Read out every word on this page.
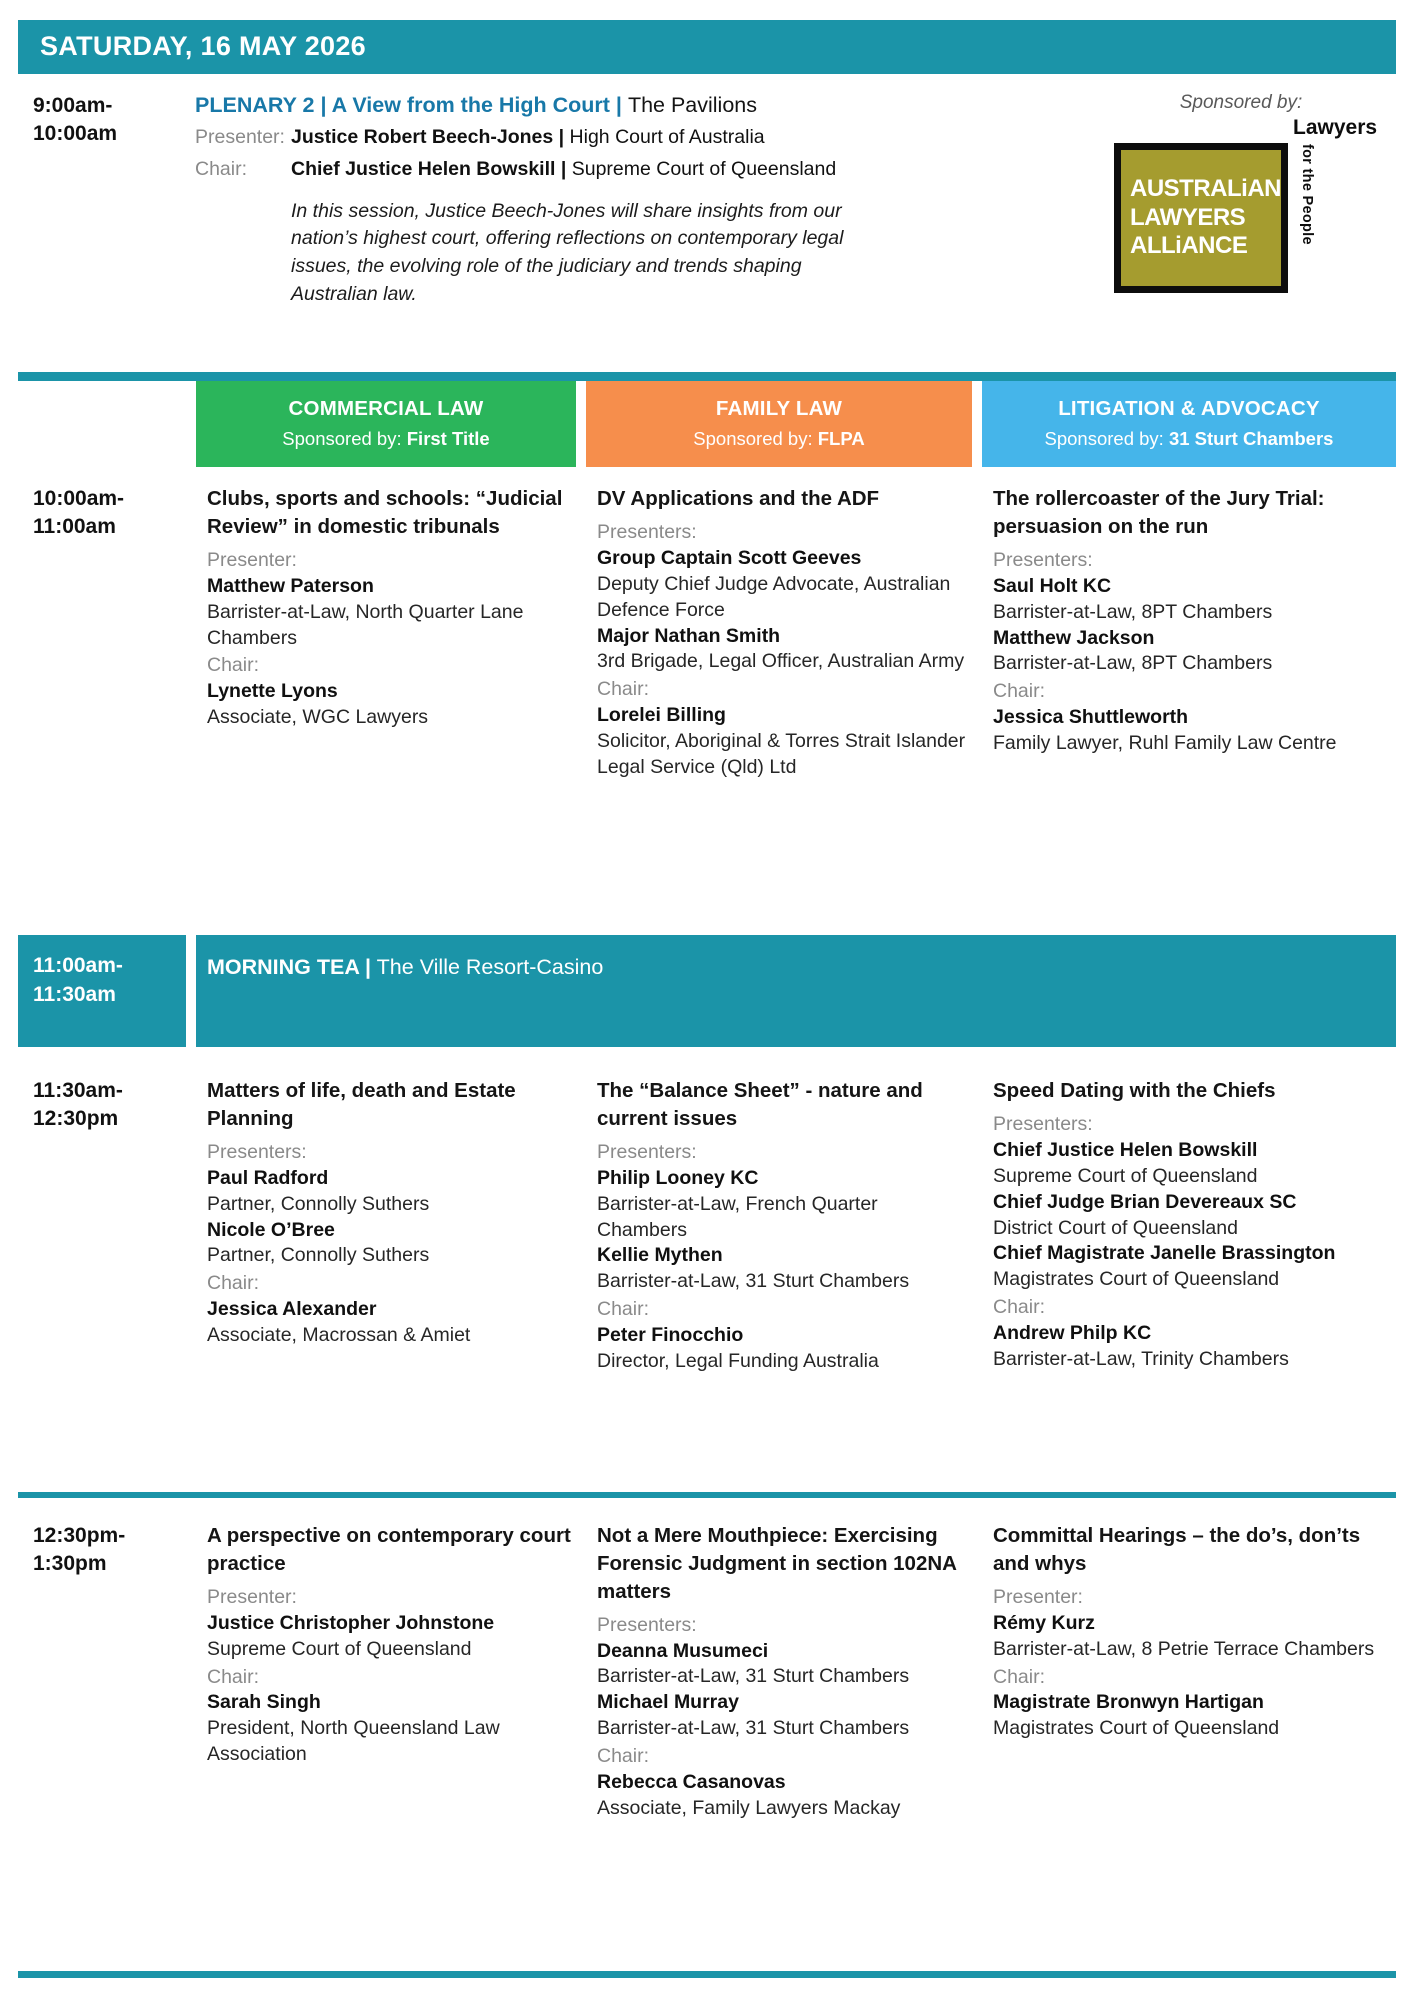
SATURDAY, 16 MAY 2026
9:00am-
10:00am
PLENARY 2 | A View from the High Court | The Pavilions
Presenter: Justice Robert Beech-Jones | High Court of Australia
Chair:	Chief Justice Helen Bowskill | Supreme Court of Queensland
In this session, Justice Beech-Jones will share insights from our nation’s highest court, offering reflections on contemporary legal issues, the evolving role of the judiciary and trends shaping Australian law.
Sponsored by:
AUSTRALiAN
LAWYERS
ALLiANCE
Lawyers
for the People
COMMERCIAL LAW
Sponsored by: First Title
FAMILY LAW
Sponsored by: FLPA
LITIGATION & ADVOCACY
Sponsored by: 31 Sturt Chambers
10:00am-
11:00am
Clubs, sports and schools: “Judicial Review” in domestic tribunals
Presenter:
Matthew Paterson
Barrister-at-Law, North Quarter Lane Chambers
Chair:
Lynette Lyons
Associate, WGC Lawyers
DV Applications and the ADF
Presenters:
Group Captain Scott Geeves
Deputy Chief Judge Advocate, Australian Defence Force
Major Nathan Smith
3rd Brigade, Legal Officer, Australian Army
Chair:
Lorelei Billing
Solicitor, Aboriginal & Torres Strait Islander Legal Service (Qld) Ltd
The rollercoaster of the Jury Trial: persuasion on the run
Presenters:
Saul Holt KC
Barrister-at-Law, 8PT Chambers
Matthew Jackson
Barrister-at-Law, 8PT Chambers
Chair:
Jessica Shuttleworth
Family Lawyer, Ruhl Family Law Centre
11:00am-
11:30am
MORNING TEA | The Ville Resort-Casino
11:30am-
12:30pm
Matters of life, death and Estate Planning
Presenters:
Paul Radford
Partner, Connolly Suthers
Nicole O’Bree
Partner, Connolly Suthers
Chair:
Jessica Alexander
Associate, Macrossan & Amiet
The “Balance Sheet” - nature and current issues
Presenters:
Philip Looney KC
Barrister-at-Law, French Quarter Chambers
Kellie Mythen
Barrister-at-Law, 31 Sturt Chambers
Chair:
Peter Finocchio
Director, Legal Funding Australia
Speed Dating with the Chiefs
Presenters:
Chief Justice Helen Bowskill
Supreme Court of Queensland
Chief Judge Brian Devereaux SC
District Court of Queensland
Chief Magistrate Janelle Brassington
Magistrates Court of Queensland
Chair:
Andrew Philp KC
Barrister-at-Law, Trinity Chambers
12:30pm-
1:30pm
A perspective on contemporary court practice
Presenter:
Justice Christopher Johnstone
Supreme Court of Queensland
Chair:
Sarah Singh
President, North Queensland Law Association
Not a Mere Mouthpiece: Exercising Forensic Judgment in section 102NA matters
Presenters:
Deanna Musumeci
Barrister-at-Law, 31 Sturt Chambers
Michael Murray
Barrister-at-Law, 31 Sturt Chambers
Chair:
Rebecca Casanovas
Associate, Family Lawyers Mackay
Committal Hearings – the do’s, don’ts and whys
Presenter:
Rémy Kurz
Barrister-at-Law, 8 Petrie Terrace Chambers
Chair:
Magistrate Bronwyn Hartigan
Magistrates Court of Queensland
